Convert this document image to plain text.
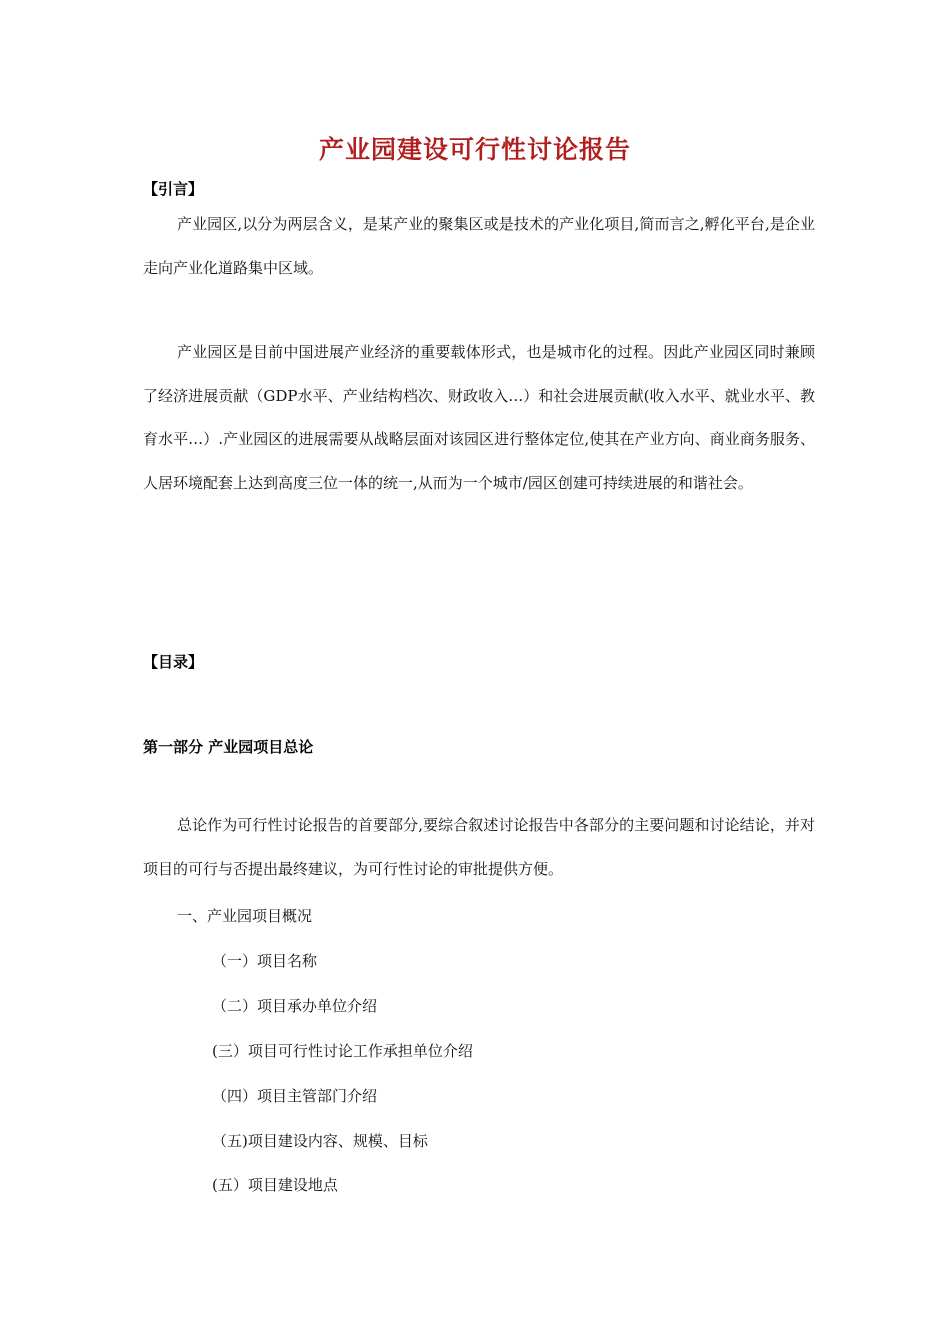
产业园建设可行性讨论报告
【引言】

产业园区,以分为两层含义，是某产业的聚集区或是技术的产业化项目,简而言之,孵化平台,是企业走向产业化道路集中区域。

产业园区是目前中国进展产业经济的重要载体形式，也是城市化的过程。因此产业园区同时兼顾了经济进展贡献（GDP水平、产业结构档次、财政收入…）和社会进展贡献(收入水平、就业水平、教育水平…）.产业园区的进展需要从战略层面对该园区进行整体定位,使其在产业方向、商业商务服务、人居环境配套上达到高度三位一体的统一,从而为一个城市/园区创建可持续进展的和谐社会。

【目录】
第一部分 产业园项目总论

总论作为可行性讨论报告的首要部分,要综合叙述讨论报告中各部分的主要问题和讨论结论，并对项目的可行与否提出最终建议，为可行性讨论的审批提供方便。

一、产业园项目概况
（一）项目名称
（二）项目承办单位介绍
(三）项目可行性讨论工作承担单位介绍
（四）项目主管部门介绍
（五)项目建设内容、规模、目标
(五）项目建设地点
